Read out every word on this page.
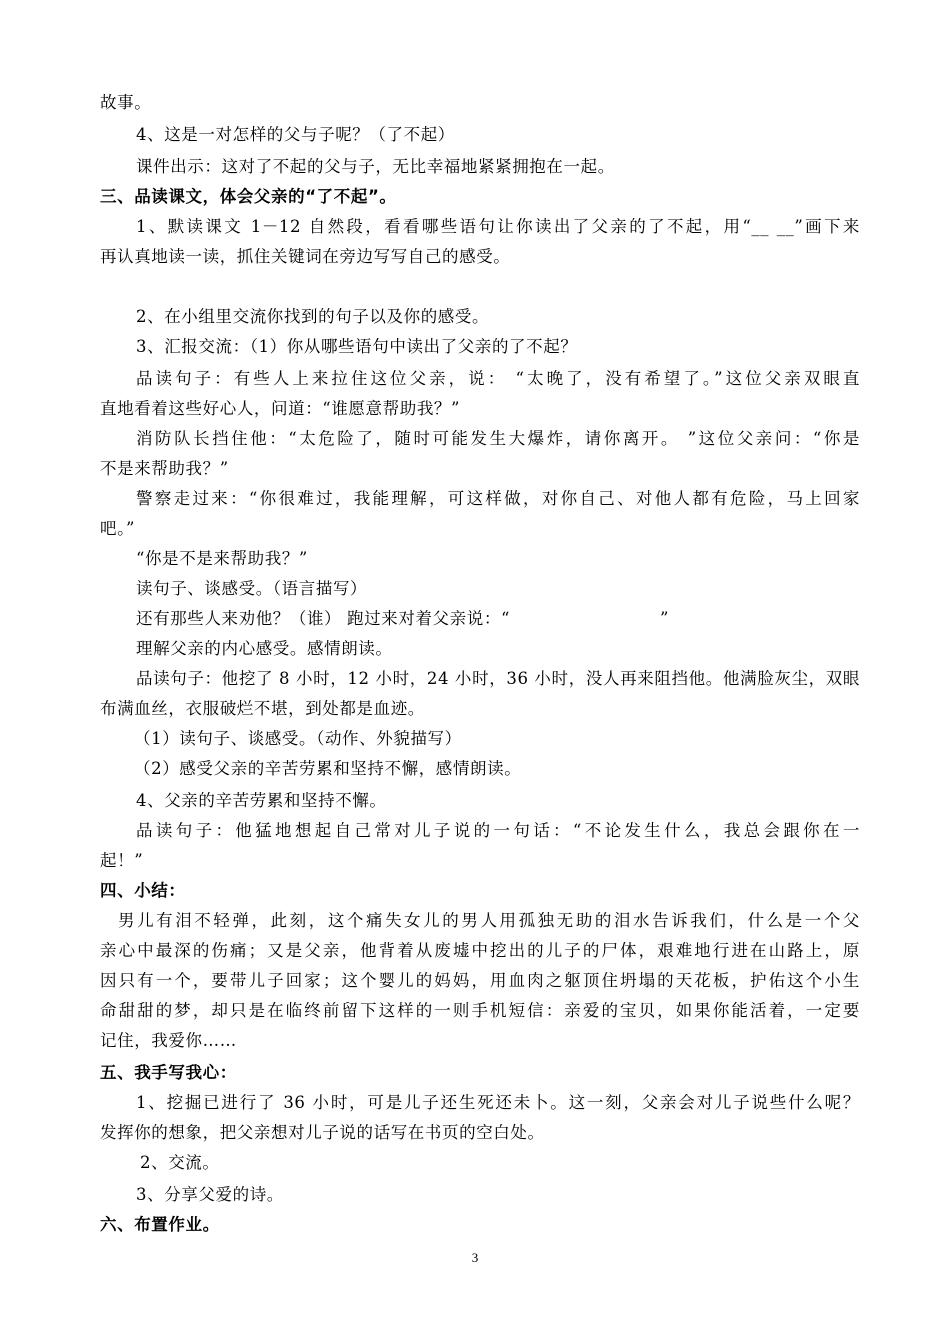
故事。
4、这是一对怎样的父与子呢？（了不起）
课件出示：这对了不起的父与子，无比幸福地紧紧拥抱在一起。
三、品读课文，体会父亲的“了不起”。
1、默读课文 1－12 自然段，看看哪些语句让你读出了父亲的了不起，用“__ __”画下来
再认真地读一读，抓住关键词在旁边写写自己的感受。
2、在小组里交流你找到的句子以及你的感受。
3、汇报交流：（1）你从哪些语句中读出了父亲的了不起？
品读句子：有些人上来拉住这位父亲，说： “太晚了，没有希望了。”这位父亲双眼直
直地看着这些好心人，问道：“谁愿意帮助我？”
消防队长挡住他：“太危险了，随时可能发生大爆炸，请你离开。 ”这位父亲问：“你是
不是来帮助我？”
警察走过来：“你很难过，我能理解，可这样做，对你自己、对他人都有危险，马上回家
吧。”
“你是不是来帮助我？”
读句子、谈感受。（语言描写）
还有那些人来劝他？（谁） 跑过来对着父亲说：“	”
理解父亲的内心感受。感情朗读。
品读句子：他挖了 8 小时，12 小时，24 小时，36 小时，没人再来阻挡他。他满脸灰尘，双眼
布满血丝，衣服破烂不堪，到处都是血迹。
（1）读句子、谈感受。（动作、外貌描写）
（2）感受父亲的辛苦劳累和坚持不懈，感情朗读。
4、父亲的辛苦劳累和坚持不懈。
品读句子：他猛地想起自己常对儿子说的一句话：“不论发生什么，我总会跟你在一
起！”
四、小结：
男儿有泪不轻弹，此刻，这个痛失女儿的男人用孤独无助的泪水告诉我们，什么是一个父
亲心中最深的伤痛；又是父亲，他背着从废墟中挖出的儿子的尸体，艰难地行进在山路上，原
因只有一个，要带儿子回家；这个婴儿的妈妈，用血肉之躯顶住坍塌的天花板，护佑这个小生
命甜甜的梦，却只是在临终前留下这样的一则手机短信：亲爱的宝贝，如果你能活着，一定要
记住，我爱你……
五、我手写我心：
1、挖掘已进行了 36 小时，可是儿子还生死还未卜。这一刻，父亲会对儿子说些什么呢？
发挥你的想象，把父亲想对儿子说的话写在书页的空白处。
2、交流。
3、分享父爱的诗。
六、布置作业。
3
